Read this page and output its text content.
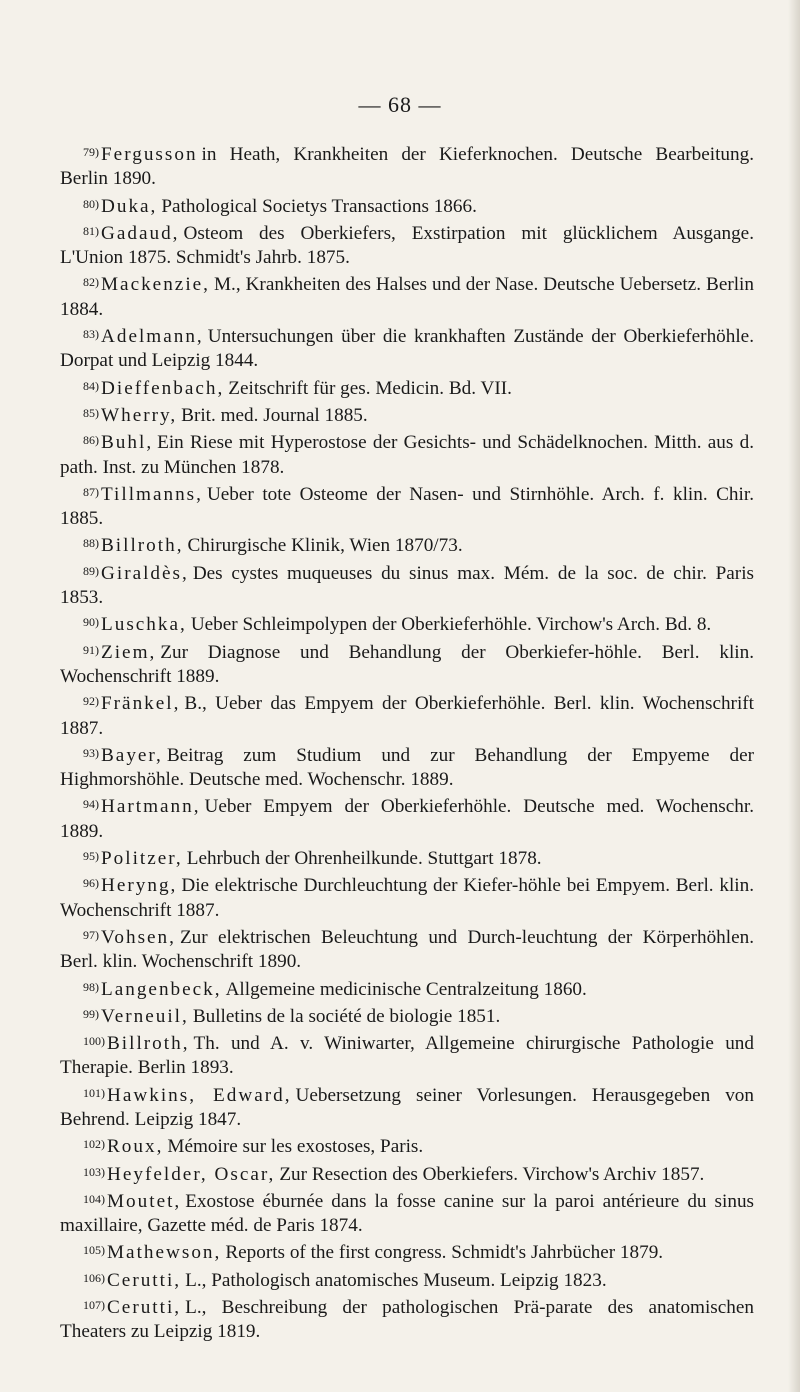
— 68 —

$^{79)}$ Fergusson in Heath, Krankheiten der Kieferknochen. Deutsche Bearbeitung. Berlin 1890.

$^{80)}$ Duka, Pathological Societys Transactions 1866.

$^{81)}$ Gadaud, Osteom des Oberkiefers, Exstirpation mit glücklichem Ausgange. L'Union 1875. Schmidt's Jahrb. 1875.

$^{82)}$ Mackenzie, M., Krankheiten des Halses und der Nase. Deutsche Uebersetz. Berlin 1884.

$^{83)}$ Adelmann, Untersuchungen über die krankhaften Zustände der Oberkieferhöhle. Dorpat und Leipzig 1844.

$^{84)}$ Dieffenbach, Zeitschrift für ges. Medicin. Bd. VII.

$^{85)}$ Wherry, Brit. med. Journal 1885.

$^{86)}$ Buhl, Ein Riese mit Hyperostose der Gesichts- und Schädelknochen. Mitth. aus d. path. Inst. zu München 1878.

$^{87)}$ Tillmanns, Ueber tote Osteome der Nasen- und Stirnhöhle. Arch. f. klin. Chir. 1885.

$^{88)}$ Billroth, Chirurgische Klinik, Wien 1870/73.

$^{89)}$ Giraldès, Des cystes muqueuses du sinus max. Mém. de la soc. de chir. Paris 1853.

$^{90)}$ Luschka, Ueber Schleimpolypen der Oberkieferhöhle. Virchow's Arch. Bd. 8.

$^{91)}$ Ziem, Zur Diagnose und Behandlung der Oberkiefer-höhle. Berl. klin. Wochenschrift 1889.

$^{92)}$ Fränkel, B., Ueber das Empyem der Oberkieferhöhle. Berl. klin. Wochenschrift 1887.

$^{93)}$ Bayer, Beitrag zum Studium und zur Behandlung der Empyeme der Highmorshöhle. Deutsche med. Wochenschr. 1889.

$^{94)}$ Hartmann, Ueber Empyem der Oberkieferhöhle. Deutsche med. Wochenschr. 1889.

$^{95)}$ Politzer, Lehrbuch der Ohrenheilkunde. Stuttgart 1878.

$^{96)}$ Heryng, Die elektrische Durchleuchtung der Kiefer-höhle bei Empyem. Berl. klin. Wochenschrift 1887.

$^{97)}$ Vohsen, Zur elektrischen Beleuchtung und Durch-leuchtung der Körperhöhlen. Berl. klin. Wochenschrift 1890.

$^{98)}$ Langenbeck, Allgemeine medicinische Centralzeitung 1860.

$^{99)}$ Verneuil, Bulletins de la société de biologie 1851.

$^{100)}$ Billroth, Th. und A. v. Winiwarter, Allgemeine chirurgische Pathologie und Therapie. Berlin 1893.

$^{101)}$ Hawkins, Edward, Uebersetzung seiner Vorlesungen. Herausgegeben von Behrend. Leipzig 1847.

$^{102)}$ Roux, Mémoire sur les exostoses, Paris.

$^{103)}$ Heyfelder, Oscar, Zur Resection des Oberkiefers. Virchow's Archiv 1857.

$^{104)}$ Moutet, Exostose éburnée dans la fosse canine sur la paroi antérieure du sinus maxillaire, Gazette méd. de Paris 1874.

$^{105)}$ Mathewson, Reports of the first congress. Schmidt's Jahrbücher 1879.

$^{106)}$ Cerutti, L., Pathologisch anatomisches Museum. Leipzig 1823.

$^{107)}$ Cerutti, L., Beschreibung der pathologischen Prä-parate des anatomischen Theaters zu Leipzig 1819.
